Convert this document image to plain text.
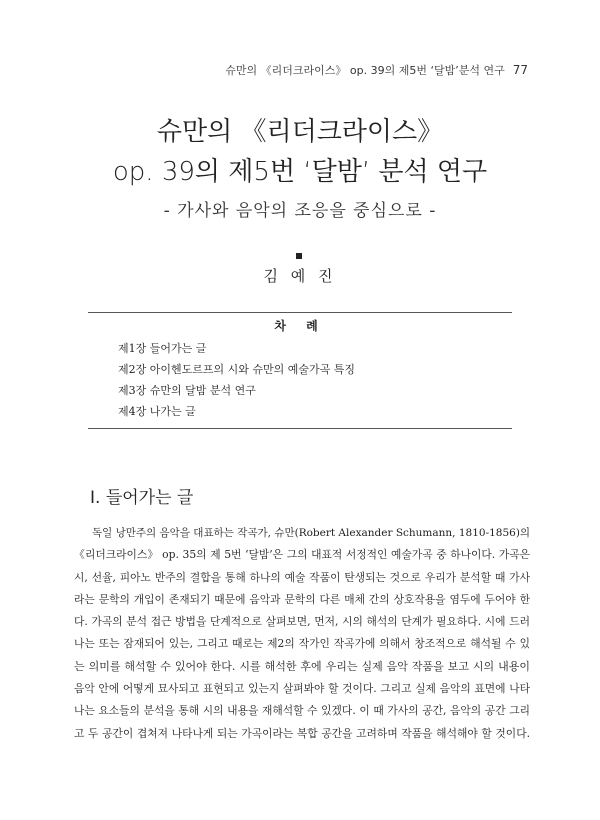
슈만의 《리더크라이스》 op. 39의 제5번 ‘달밤’분석 연구 77
슈만의 《리더크라이스》
op. 39의 제5번 ‘달밤’ 분석 연구
- 가사와 음악의 조응을 중심으로 -
김 예 진
차 례
제1장 들어가는 글
제2장 아이헨도르프의 시와 슈만의 예술가곡 특징
제3장 슈만의 달밤 분석 연구
제4장 나가는 글
I. 들어가는 글
독일 낭만주의 음악을 대표하는 작곡가, 슈만(Robert Alexander Schumann, 1810-1856)의
《리더크라이스》 op. 35의 제 5번 ‘달밤’은 그의 대표적 서정적인 예술가곡 중 하나이다. 가곡은
시, 선율, 피아노 반주의 결합을 통해 하나의 예술 작품이 탄생되는 것으로 우리가 분석할 때 가사
라는 문학의 개입이 존재되기 때문에 음악과 문학의 다른 매체 간의 상호작용을 염두에 두어야 한
다. 가곡의 분석 접근 방법을 단계적으로 살펴보면, 먼저, 시의 해석의 단계가 필요하다. 시에 드러
나는 또는 잠재되어 있는, 그리고 때로는 제2의 작가인 작곡가에 의해서 창조적으로 해석될 수 있
는 의미를 해석할 수 있어야 한다. 시를 해석한 후에 우리는 실제 음악 작품을 보고 시의 내용이
음악 안에 어떻게 묘사되고 표현되고 있는지 살펴봐야 할 것이다. 그리고 실제 음악의 표면에 나타
나는 요소들의 분석을 통해 시의 내용을 재해석할 수 있겠다. 이 때 가사의 공간, 음악의 공간 그리
고 두 공간이 겹쳐져 나타나게 되는 가곡이라는 복합 공간을 고려하며 작품을 해석해야 할 것이다.
